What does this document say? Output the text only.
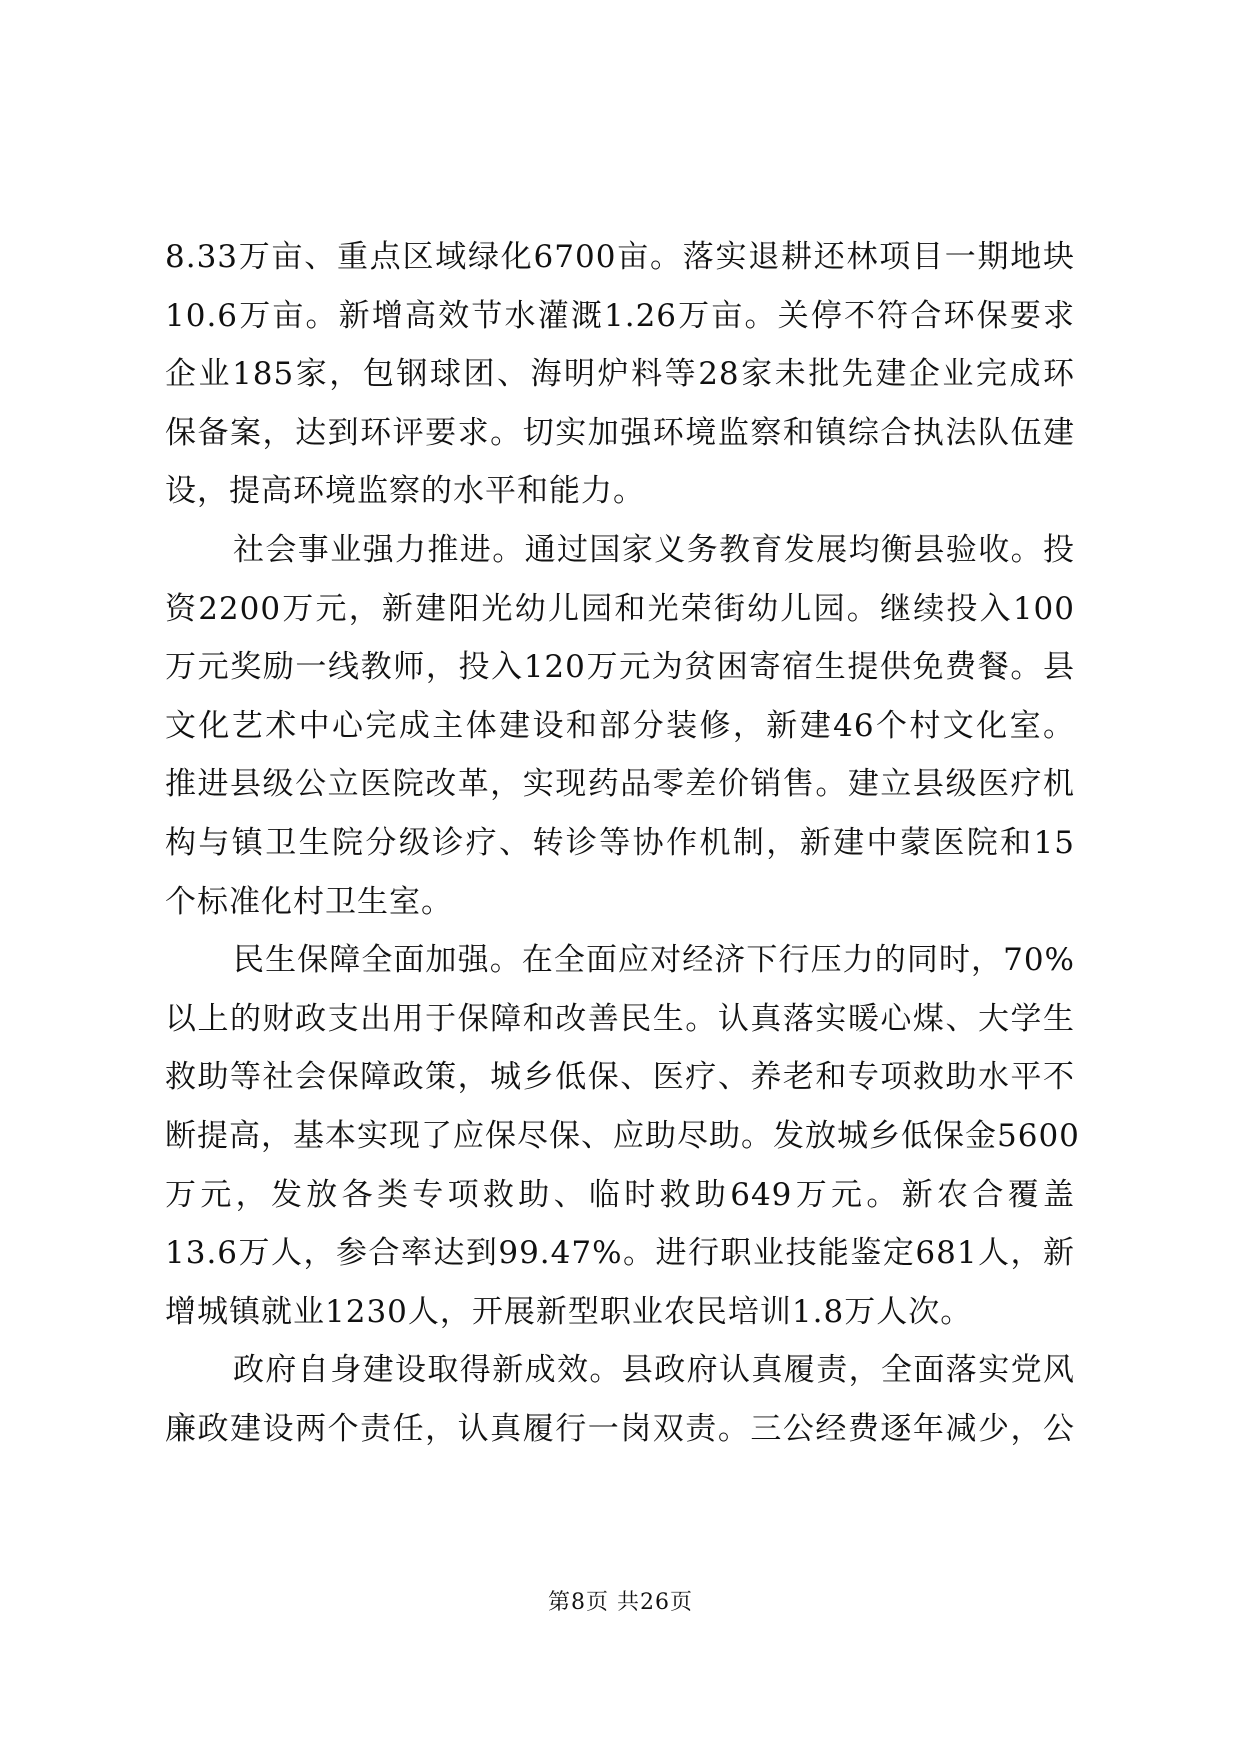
8.33万亩、重点区域绿化6700亩。落实退耕还林项目一期地块
10.6万亩。新增高效节水灌溉1.26万亩。关停不符合环保要求
企业185家，包钢球团、海明炉料等28家未批先建企业完成环
保备案，达到环评要求。切实加强环境监察和镇综合执法队伍建
设，提高环境监察的水平和能力。
社会事业强力推进。通过国家义务教育发展均衡县验收。投
资2200万元，新建阳光幼儿园和光荣街幼儿园。继续投入100
万元奖励一线教师，投入120万元为贫困寄宿生提供免费餐。县
文化艺术中心完成主体建设和部分装修，新建46个村文化室。
推进县级公立医院改革，实现药品零差价销售。建立县级医疗机
构与镇卫生院分级诊疗、转诊等协作机制，新建中蒙医院和15
个标准化村卫生室。
民生保障全面加强。在全面应对经济下行压力的同时，70%
以上的财政支出用于保障和改善民生。认真落实暖心煤、大学生
救助等社会保障政策，城乡低保、医疗、养老和专项救助水平不
断提高，基本实现了应保尽保、应助尽助。发放城乡低保金5600
万元，发放各类专项救助、临时救助649万元。新农合覆盖
13.6万人，参合率达到99.47%。进行职业技能鉴定681人，新
增城镇就业1230人，开展新型职业农民培训1.8万人次。
政府自身建设取得新成效。县政府认真履责，全面落实党风
廉政建设两个责任，认真履行一岗双责。三公经费逐年减少，公
第8页 共26页
